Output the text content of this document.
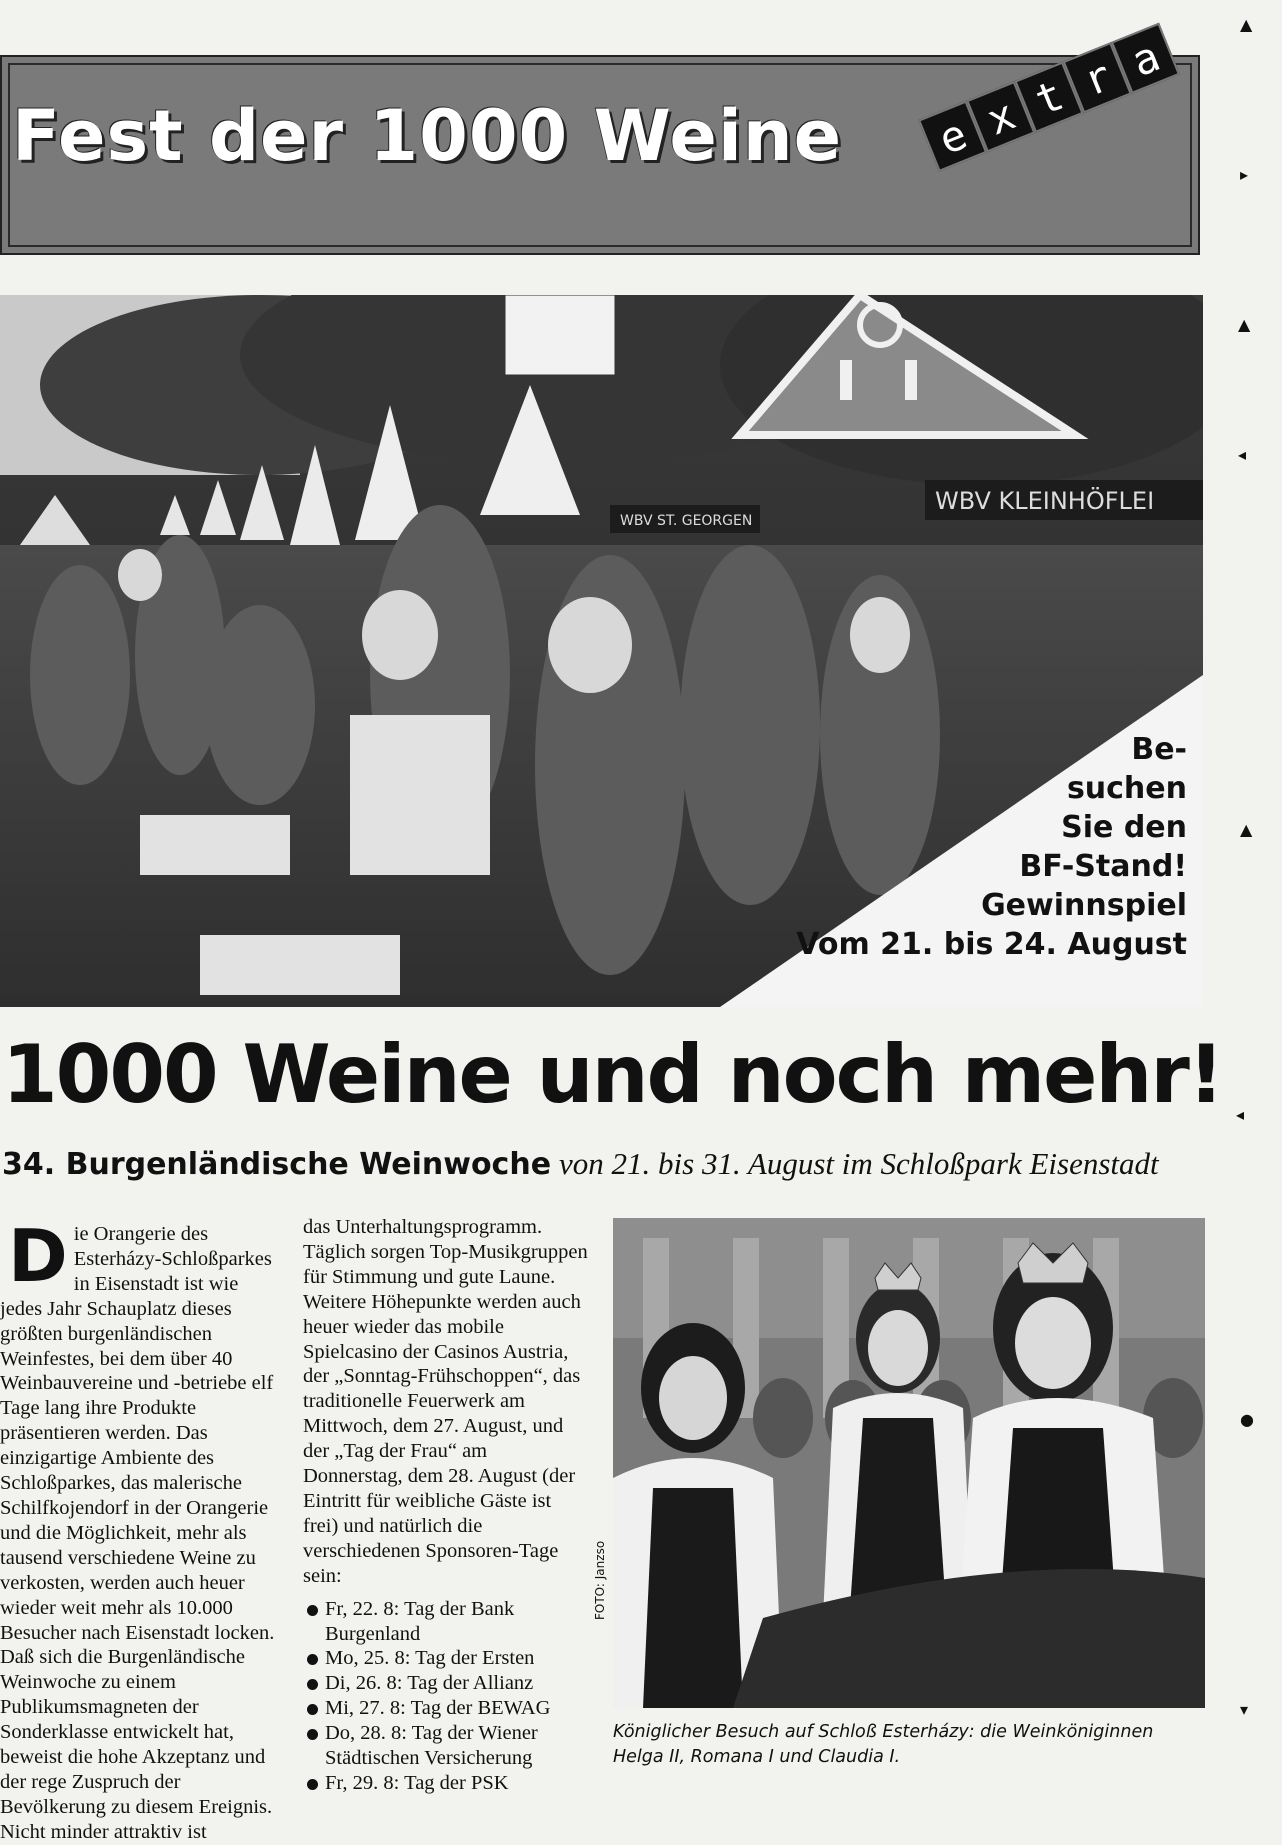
Fest der 1000 Weine	e x t r a
WBV ST. GEORGEN
WBV KLEINHÖFLEI
Be-
suchen
Sie den
BF-Stand!
Gewinnspiel
Vom 21. bis 24. August
1000 Weine und noch mehr!
34. Burgenländische Weinwoche von 21. bis 31. August im Schloßpark Eisenstadt
D ie Orangerie des Esterházy-Schloßparkes in Eisenstadt ist wie jedes Jahr Schauplatz dieses größten burgenländischen Weinfestes, bei dem über 40 Weinbauvereine und -betriebe elf Tage lang ihre Produkte präsentieren werden. Das einzigartige Ambiente des Schloßparkes, das malerische Schilfkojendorf in der Orangerie und die Möglichkeit, mehr als tausend verschiedene Weine zu verkosten, werden auch heuer wieder weit mehr als 10.000 Besucher nach Eisenstadt locken. Daß sich die Burgenländische Weinwoche zu einem Publikumsmagneten der Sonderklasse entwickelt hat, beweist die hohe Akzeptanz und der rege Zuspruch der Bevölkerung zu diesem Ereignis. Nicht minder attraktiv ist
das Unterhaltungsprogramm. Täglich sorgen Top-Musikgruppen für Stimmung und gute Laune. Weitere Höhepunkte werden auch heuer wieder das mobile Spielcasino der Casinos Austria, der „Sonntag-Frühschoppen“, das traditionelle Feuerwerk am Mittwoch, dem 27. August, und der „Tag der Frau“ am Donnerstag, dem 28. August (der Eintritt für weibliche Gäste ist frei) und natürlich die verschiedenen Sponsoren-Tage sein:
Fr, 22. 8: Tag der Bank Burgenland
Mo, 25. 8: Tag der Ersten
Di, 26. 8: Tag der Allianz
Mi, 27. 8: Tag der BEWAG
Do, 28. 8: Tag der Wiener Städtischen Versicherung
Fr, 29. 8: Tag der PSK
FOTO: Janzso
Königlicher Besuch auf Schloß Esterházy: die Weinköniginnen Helga II, Romana I und Claudia I.
▲
▸
▲
◂
▲
◂
●
▾
